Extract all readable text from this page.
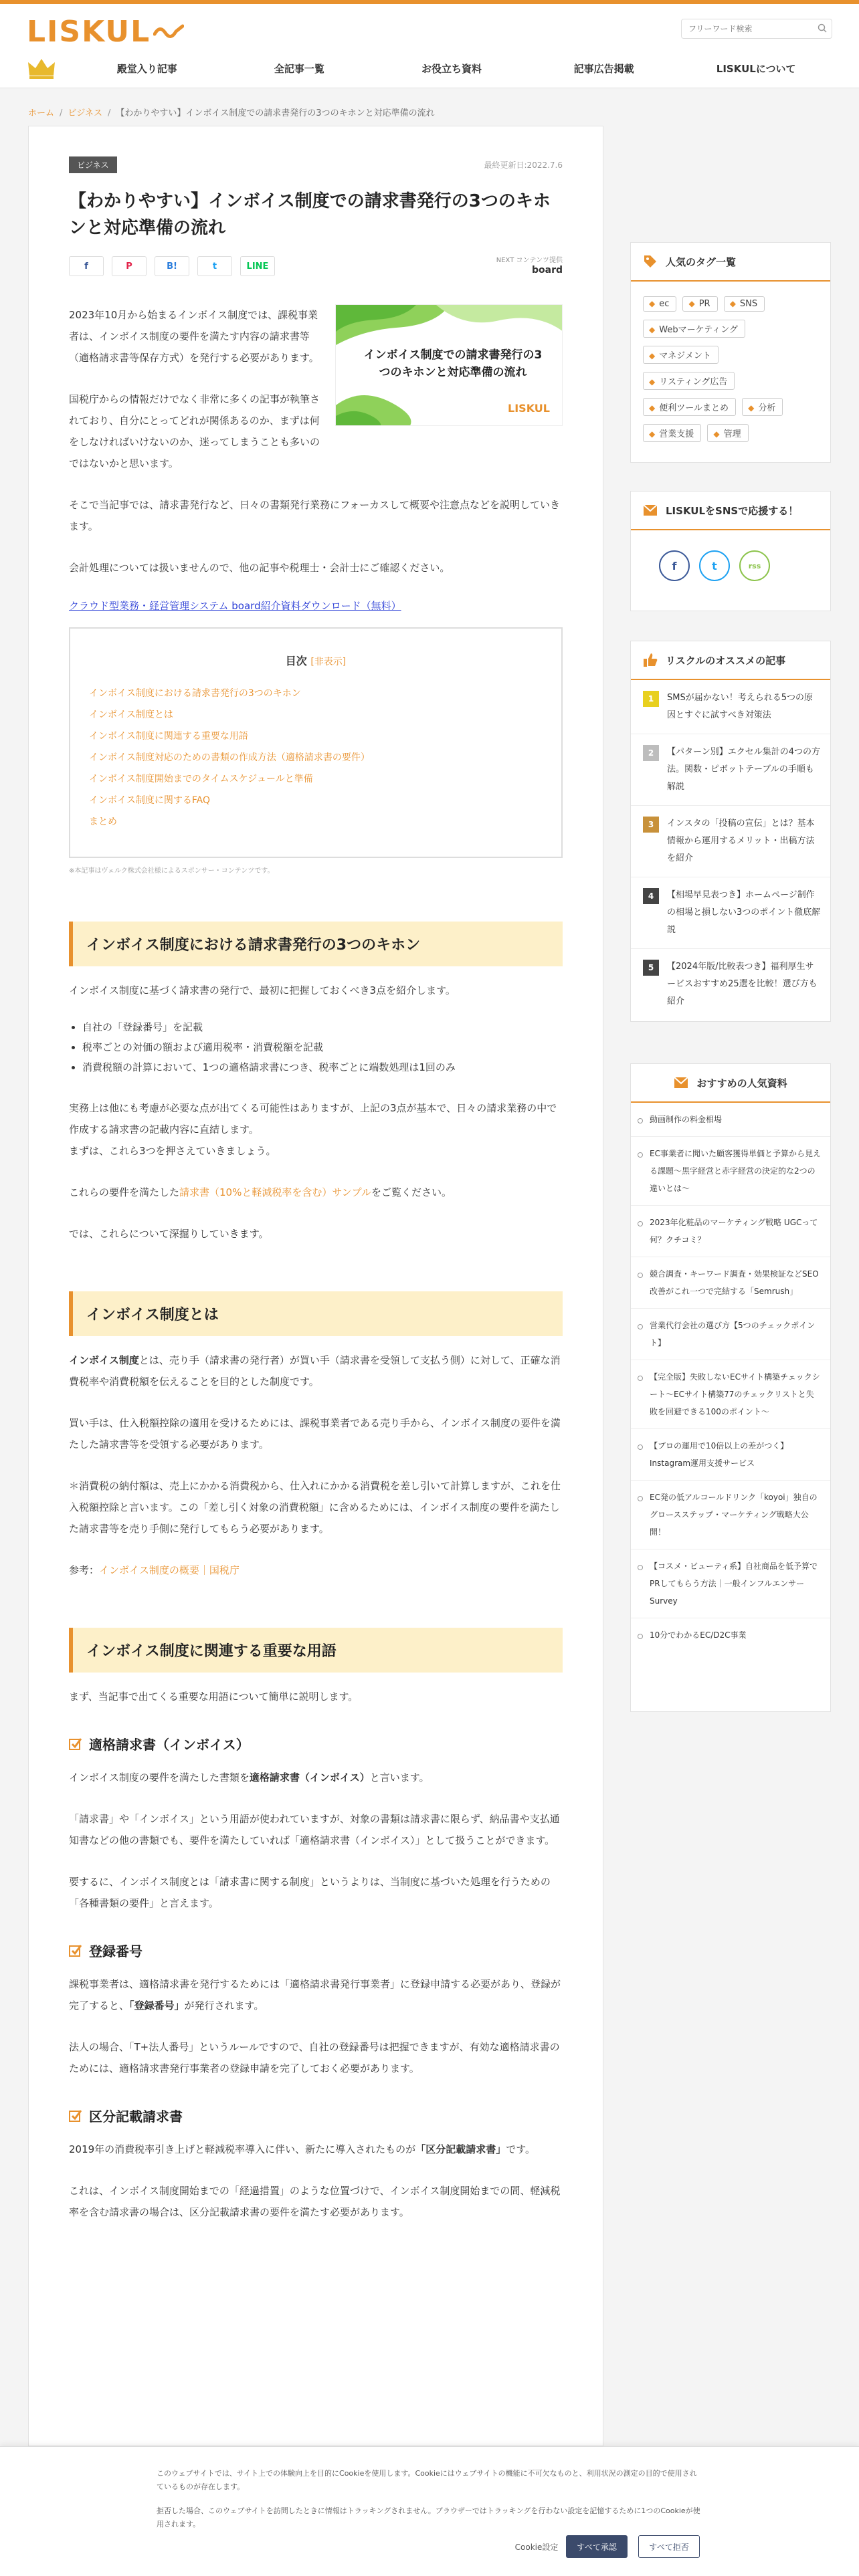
LISKUL
フリーワード検索
殿堂入り記事	全記事一覧	お役立ち資料	記事広告掲載	LISKULについて
ホーム / ビジネス / 【わかりやすい】インボイス制度での請求書発行の3つのキホンと対応準備の流れ
ビジネス	最終更新日:2022.7.6
【わかりやすい】インボイス制度での請求書発行の3つのキホンと対応準備の流れ
f	P	B!	t	LINE
NEXT コンテンツ提供
board
インボイス制度での請求書発行の3つのキホンと対応準備の流れ
LISKUL

2023年10月から始まるインボイス制度では、課税事業者は、インボイス制度の要件を満たす内容の請求書等（適格請求書等保存方式）を発行する必要があります。

国税庁からの情報だけでなく非常に多くの記事が執筆されており、自分にとってどれが関係あるのか、まずは何をしなければいけないのか、迷ってしまうことも多いのではないかと思います。

そこで当記事では、請求書発行など、日々の書類発行業務にフォーカスして概要や注意点などを説明していきます。

会計処理については扱いませんので、他の記事や税理士・会計士にご確認ください。

クラウド型業務・経営管理システム board紹介資料ダウンロード（無料）

目次 [非表示]
インボイス制度における請求書発行の3つのキホン
インボイス制度とは
インボイス制度に関連する重要な用語
インボイス制度対応のための書類の作成方法（適格請求書の要件）
インボイス制度開始までのタイムスケジュールと準備
インボイス制度に関するFAQ
まとめ
※本記事はヴェルク株式会社様によるスポンサー・コンテンツです。
インボイス制度における請求書発行の3つのキホン

インボイス制度に基づく請求書の発行で、最初に把握しておくべき3点を紹介します。

• 自社の「登録番号」を記載
• 税率ごとの対価の額および適用税率・消費税額を記載
• 消費税額の計算において、1つの適格請求書につき、税率ごとに端数処理は1回のみ

実務上は他にも考慮が必要な点が出てくる可能性はありますが、上記の3点が基本で、日々の請求業務の中で作成する請求書の記載内容に直結します。

まずは、これら3つを押さえていきましょう。

これらの要件を満たした請求書（10%と軽減税率を含む）サンプルをご覧ください。

では、これらについて深掘りしていきます。

インボイス制度とは

インボイス制度とは、売り手（請求書の発行者）が買い手（請求書を受領して支払う側）に対して、正確な消費税率や消費税額を伝えることを目的とした制度です。

買い手は、仕入税額控除の適用を受けるためには、課税事業者である売り手から、インボイス制度の要件を満たした請求書等を受領する必要があります。

＊消費税の納付額は、売上にかかる消費税から、仕入れにかかる消費税を差し引いて計算しますが、これを仕入税額控除と言います。この「差し引く対象の消費税額」に含めるためには、インボイス制度の要件を満たした請求書等を売り手側に発行してもらう必要があります。

参考：インボイス制度の概要｜国税庁

インボイス制度に関連する重要な用語

まず、当記事で出てくる重要な用語について簡単に説明します。

適格請求書（インボイス）

インボイス制度の要件を満たした書類を適格請求書（インボイス）と言います。

「請求書」や「インボイス」という用語が使われていますが、対象の書類は請求書に限らず、納品書や支払通知書などの他の書類でも、要件を満たしていれば「適格請求書（インボイス）」として扱うことができます。

要するに、インボイス制度とは「請求書に関する制度」というよりは、当制度に基づいた処理を行うための「各種書類の要件」と言えます。

登録番号

課税事業者は、適格請求書を発行するためには「適格請求書発行事業者」に登録申請する必要があり、登録が完了すると、「登録番号」が発行されます。

法人の場合、「T+法人番号」というルールですので、自社の登録番号は把握できますが、有効な適格請求書のためには、適格請求書発行事業者の登録申請を完了しておく必要があります。

区分記載請求書

2019年の消費税率引き上げと軽減税率導入に伴い、新たに導入されたものが「区分記載請求書」です。

これは、インボイス制度開始までの「経過措置」のような位置づけで、インボイス制度開始までの間、軽減税率を含む請求書の場合は、区分記載請求書の要件を満たす必要があります。

人気のタグ一覧
◆ ec ◆ PR ◆ SNS ◆ Webマーケティング ◆ マネジメント ◆ リスティング広告 ◆ 便利ツールまとめ ◆ 分析 ◆ 営業支援 ◆ 管理
LISKULをSNSで応援する！
f	t	rss
リスクルのオススメの記事
1	SMSが届かない！考えられる5つの原因とすぐに試すべき対策法
2	【パターン別】エクセル集計の4つの方法。関数・ピボットテーブルの手順も解説
3	インスタの「投稿の宣伝」とは？基本情報から運用するメリット・出稿方法を紹介
4	【相場早見表つき】ホームページ制作の相場と損しない3つのポイント徹底解説
5	【2024年版/比較表つき】福利厚生サービスおすすめ25選を比較！選び方も紹介
おすすめの人気資料
動画制作の料金相場
EC事業者に聞いた顧客獲得単価と予算から見える課題〜黒字経営と赤字経営の決定的な2つの違いとは〜
2023年化粧品のマーケティング戦略 UGCって何？クチコミ？
競合調査・キーワード調査・効果検証などSEO改善がこれ一つで完結する「Semrush」
営業代行会社の選び方【5つのチェックポイント】
【完全版】失敗しないECサイト構築チェックシート〜ECサイト構築77のチェックリストと失敗を回避できる100のポイント〜
【プロの運用で10倍以上の差がつく】Instagram運用支援サービス
EC発の低アルコールドリンク「koyoi」独自のグロースステップ・マーケティング戦略大公開！
【コスメ・ビューティ系】自社商品を低予算でPRしてもらう方法｜一般インフルエンサーSurvey
10分でわかるEC/D2C事業

このウェブサイトでは、サイト上での体験向上を目的にCookieを使用します。Cookieにはウェブサイトの機能に不可欠なものと、利用状況の測定の目的で使用されているものが存在します。

拒否した場合、このウェブサイトを訪問したときに情報はトラッキングされません。ブラウザーではトラッキングを行わない設定を記憶するために1つのCookieが使用されます。

Cookie設定	すべて承認	すべて拒否
